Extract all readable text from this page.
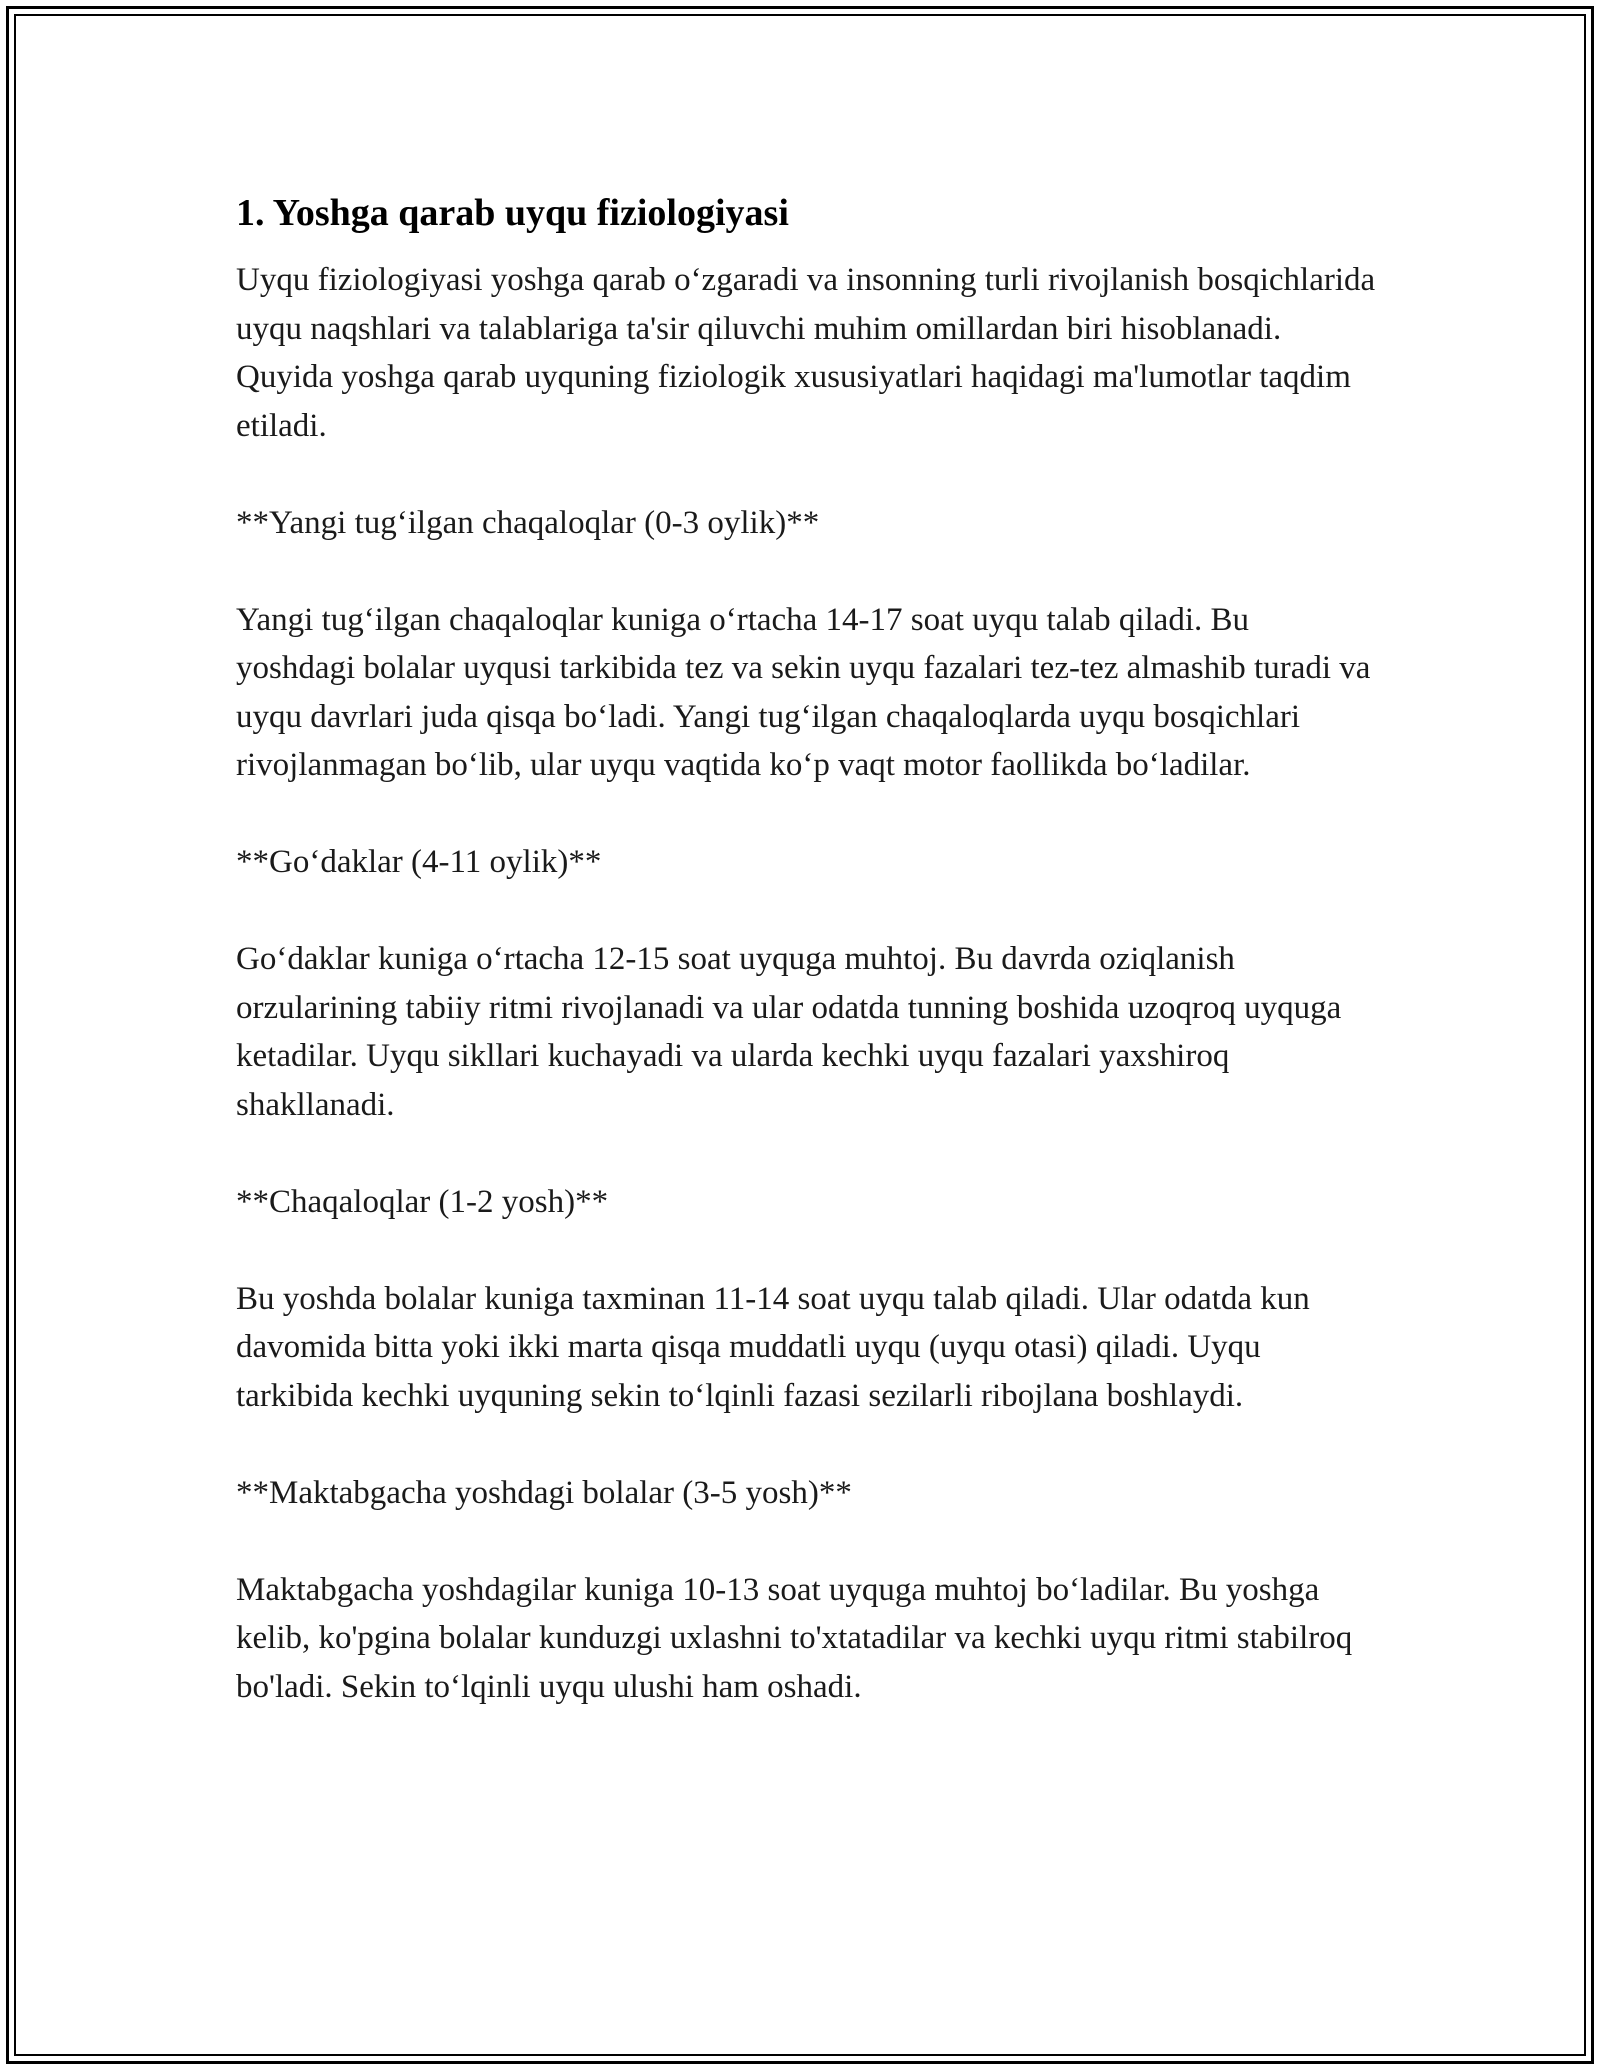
1. Yoshga qarab uyqu fiziologiyasi

Uyqu fiziologiyasi yoshga qarab o‘zgaradi va insonning turli rivojlanish bosqichlarida uyqu naqshlari va talablariga ta'sir qiluvchi muhim omillardan biri hisoblanadi. Quyida yoshga qarab uyquning fiziologik xususiyatlari haqidagi ma'lumotlar taqdim etiladi.

**Yangi tug‘ilgan chaqaloqlar (0-3 oylik)**

Yangi tug‘ilgan chaqaloqlar kuniga o‘rtacha 14-17 soat uyqu talab qiladi. Bu yoshdagi bolalar uyqusi tarkibida tez va sekin uyqu fazalari tez-tez almashib turadi va uyqu davrlari juda qisqa bo‘ladi. Yangi tug‘ilgan chaqaloqlarda uyqu bosqichlari rivojlanmagan bo‘lib, ular uyqu vaqtida ko‘p vaqt motor faollikda bo‘ladilar.

**Go‘daklar (4-11 oylik)**

Go‘daklar kuniga o‘rtacha 12-15 soat uyquga muhtoj. Bu davrda oziqlanish orzularining tabiiy ritmi rivojlanadi va ular odatda tunning boshida uzoqroq uyquga ketadilar. Uyqu sikllari kuchayadi va ularda kechki uyqu fazalari yaxshiroq shakllanadi.

**Chaqaloqlar (1-2 yosh)**

Bu yoshda bolalar kuniga taxminan 11-14 soat uyqu talab qiladi. Ular odatda kun davomida bitta yoki ikki marta qisqa muddatli uyqu (uyqu otasi) qiladi. Uyqu tarkibida kechki uyquning sekin to‘lqinli fazasi sezilarli ribojlana boshlaydi.

**Maktabgacha yoshdagi bolalar (3-5 yosh)**

Maktabgacha yoshdagilar kuniga 10-13 soat uyquga muhtoj bo‘ladilar. Bu yoshga kelib, ko'pgina bolalar kunduzgi uxlashni to'xtatadilar va kechki uyqu ritmi stabilroq bo'ladi. Sekin to‘lqinli uyqu ulushi ham oshadi.
